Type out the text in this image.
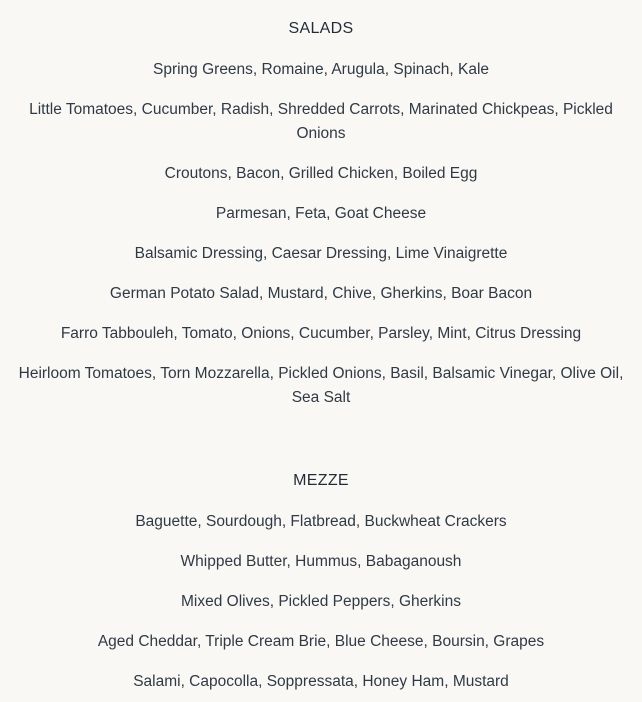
SALADS

Spring Greens, Romaine, Arugula, Spinach, Kale

Little Tomatoes, Cucumber, Radish, Shredded Carrots, Marinated Chickpeas, Pickled Onions

Croutons, Bacon, Grilled Chicken, Boiled Egg

Parmesan, Feta, Goat Cheese

Balsamic Dressing, Caesar Dressing, Lime Vinaigrette

German Potato Salad, Mustard, Chive, Gherkins, Boar Bacon

Farro Tabbouleh, Tomato, Onions, Cucumber, Parsley, Mint, Citrus Dressing

Heirloom Tomatoes, Torn Mozzarella, Pickled Onions, Basil, Balsamic Vinegar, Olive Oil, Sea Salt

MEZZE

Baguette, Sourdough, Flatbread, Buckwheat Crackers

Whipped Butter, Hummus, Babaganoush

Mixed Olives, Pickled Peppers, Gherkins

Aged Cheddar, Triple Cream Brie, Blue Cheese, Boursin, Grapes

Salami, Capocolla, Soppressata, Honey Ham, Mustard
